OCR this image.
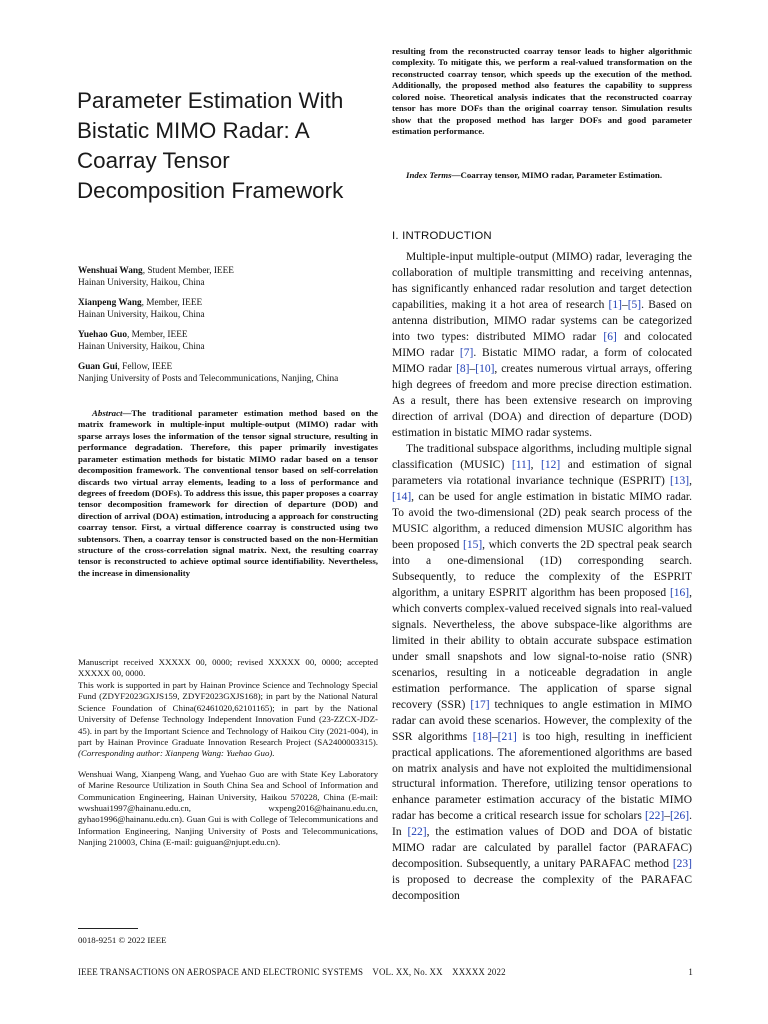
Parameter Estimation With Bistatic MIMO Radar: A Coarray Tensor Decomposition Framework
Wenshuai Wang, Student Member, IEEE
Hainan University, Haikou, China
Xianpeng Wang, Member, IEEE
Hainan University, Haikou, China
Yuehao Guo, Member, IEEE
Hainan University, Haikou, China
Guan Gui, Fellow, IEEE
Nanjing University of Posts and Telecommunications, Nanjing, China
Abstract—The traditional parameter estimation method based on the matrix framework in multiple-input multiple-output (MIMO) radar with sparse arrays loses the information of the tensor signal structure, resulting in performance degradation. Therefore, this paper primarily investigates parameter estimation methods for bistatic MIMO radar based on a tensor decomposition framework. The conventional tensor based on self-correlation discards two virtual array elements, leading to a loss of performance and degrees of freedom (DOFs). To address this issue, this paper proposes a coarray tensor decomposition framework for direction of departure (DOD) and direction of arrival (DOA) estimation, introducing a approach for constructing coarray tensor. First, a virtual difference coarray is constructed using two subtensors. Then, a coarray tensor is constructed based on the non-Hermitian structure of the cross-correlation signal matrix. Next, the resulting coarray tensor is reconstructed to achieve optimal source identifiability. Nevertheless, the increase in dimensionality

Manuscript received XXXXX 00, 0000; revised XXXXX 00, 0000; accepted XXXXX 00, 0000.

This work is supported in part by Hainan Province Science and Technology Special Fund (ZDYF2023GXJS159, ZDYF2023GXJS168); in part by the National Natural Science Foundation of China(62461020,62101165); in part by the National University of Defense Technology Independent Innovation Fund (23-ZZCX-JDZ-45). in part by the Important Science and Technology of Haikou City (2021-004), in part by Hainan Province Graduate Innovation Research Project (SA2400003315). (Corresponding author: Xianpeng Wang: Yuehao Guo).

Wenshuai Wang, Xianpeng Wang, and Yuehao Guo are with State Key Laboratory of Marine Resource Utilization in South China Sea and School of Information and Communication Engineering, Hainan University, Haikou 570228, China (E-mail: wwshuai1997@hainanu.edu.cn, wxpeng2016@hainanu.edu.cn, gyhao1996@hainanu.edu.cn). Guan Gui is with College of Telecommunications and Information Engineering, Nanjing University of Posts and Telecommunications, Nanjing 210003, China (E-mail: guiguan@njupt.edu.cn).

0018-9251 © 2022 IEEE
resulting from the reconstructed coarray tensor leads to higher algorithmic complexity. To mitigate this, we perform a real-valued transformation on the reconstructed coarray tensor, which speeds up the execution of the method. Additionally, the proposed method also features the capability to suppress colored noise. Theoretical analysis indicates that the reconstructed coarray tensor has more DOFs than the original coarray tensor. Simulation results show that the proposed method has larger DOFs and good parameter estimation performance.
Index Terms—Coarray tensor, MIMO radar, Parameter Estimation.
I. INTRODUCTION

Multiple-input multiple-output (MIMO) radar, leveraging the collaboration of multiple transmitting and receiving antennas, has significantly enhanced radar resolution and target detection capabilities, making it a hot area of research [1]–[5]. Based on antenna distribution, MIMO radar systems can be categorized into two types: distributed MIMO radar [6] and colocated MIMO radar [7]. Bistatic MIMO radar, a form of colocated MIMO radar [8]–[10], creates numerous virtual arrays, offering high degrees of freedom and more precise direction estimation. As a result, there has been extensive research on improving direction of arrival (DOA) and direction of departure (DOD) estimation in bistatic MIMO radar systems.

The traditional subspace algorithms, including multiple signal classification (MUSIC) [11], [12] and estimation of signal parameters via rotational invariance technique (ESPRIT) [13], [14], can be used for angle estimation in bistatic MIMO radar. To avoid the two-dimensional (2D) peak search process of the MUSIC algorithm, a reduced dimension MUSIC algorithm has been proposed [15], which converts the 2D spectral peak search into a one-dimensional (1D) corresponding search. Subsequently, to reduce the complexity of the ESPRIT algorithm, a unitary ESPRIT algorithm has been proposed [16], which converts complex-valued received signals into real-valued signals. Nevertheless, the above subspace-like algorithms are limited in their ability to obtain accurate subspace estimation under small snapshots and low signal-to-noise ratio (SNR) scenarios, resulting in a noticeable degradation in angle estimation performance. The application of sparse signal recovery (SSR) [17] techniques to angle estimation in MIMO radar can avoid these scenarios. However, the complexity of the SSR algorithms [18]–[21] is too high, resulting in inefficient practical applications. The aforementioned algorithms are based on matrix analysis and have not exploited the multidimensional structural information. Therefore, utilizing tensor operations to enhance parameter estimation accuracy of the bistatic MIMO radar has become a critical research issue for scholars [22]–[26]. In [22], the estimation values of DOD and DOA of bistatic MIMO radar are calculated by parallel factor (PARAFAC) decomposition. Subsequently, a unitary PARAFAC method [23] is proposed to decrease the complexity of the PARAFAC decomposition

IEEE TRANSACTIONS ON AEROSPACE AND ELECTRONIC SYSTEMS    VOL. XX, No. XX    XXXXX 2022	1
